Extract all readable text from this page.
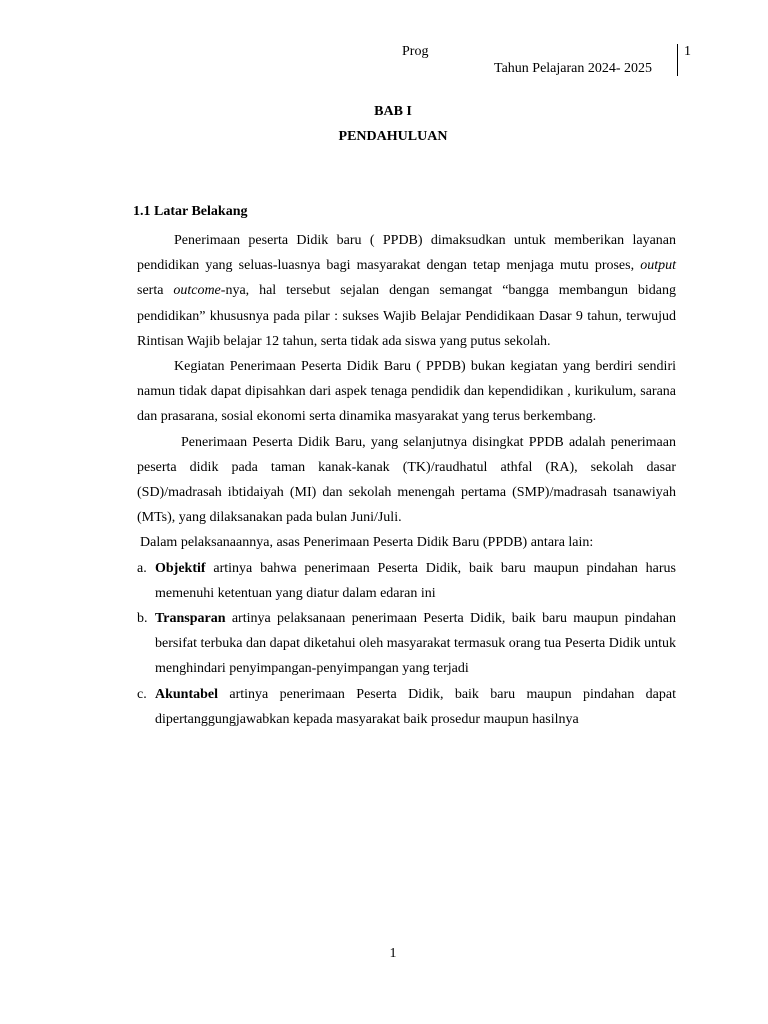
Prog
Tahun Pelajaran 2024- 2025
1
BAB I
PENDAHULUAN
1.1 Latar Belakang

Penerimaan peserta Didik baru ( PPDB) dimaksudkan untuk memberikan layanan pendidikan yang seluas-luasnya bagi masyarakat dengan tetap menjaga mutu proses, output serta outcome-nya, hal tersebut sejalan dengan semangat “bangga membangun bidang pendidikan” khususnya pada pilar : sukses Wajib Belajar Pendidikaan Dasar 9 tahun, terwujud Rintisan Wajib belajar 12 tahun, serta tidak ada siswa yang putus sekolah.

Kegiatan Penerimaan Peserta Didik Baru ( PPDB) bukan kegiatan yang berdiri sendiri namun tidak dapat dipisahkan dari aspek tenaga pendidik dan kependidikan , kurikulum, sarana dan prasarana, sosial ekonomi serta dinamika masyarakat yang terus berkembang.

Penerimaan Peserta Didik Baru, yang selanjutnya disingkat PPDB adalah penerimaan peserta didik pada taman kanak-kanak (TK)/raudhatul athfal (RA), sekolah dasar (SD)/madrasah ibtidaiyah (MI) dan sekolah menengah pertama (SMP)/madrasah tsanawiyah (MTs), yang dilaksanakan pada bulan Juni/Juli.

Dalam pelaksanaannya, asas Penerimaan Peserta Didik Baru (PPDB) antara lain:

a. Objektif artinya bahwa penerimaan Peserta Didik, baik baru maupun pindahan harus memenuhi ketentuan yang diatur dalam edaran ini
b. Transparan artinya pelaksanaan penerimaan Peserta Didik, baik baru maupun pindahan bersifat terbuka dan dapat diketahui oleh masyarakat termasuk orang tua Peserta Didik untuk menghindari penyimpangan-penyimpangan yang terjadi
c. Akuntabel artinya penerimaan Peserta Didik, baik baru maupun pindahan dapat dipertanggungjawabkan kepada masyarakat baik prosedur maupun hasilnya
1
